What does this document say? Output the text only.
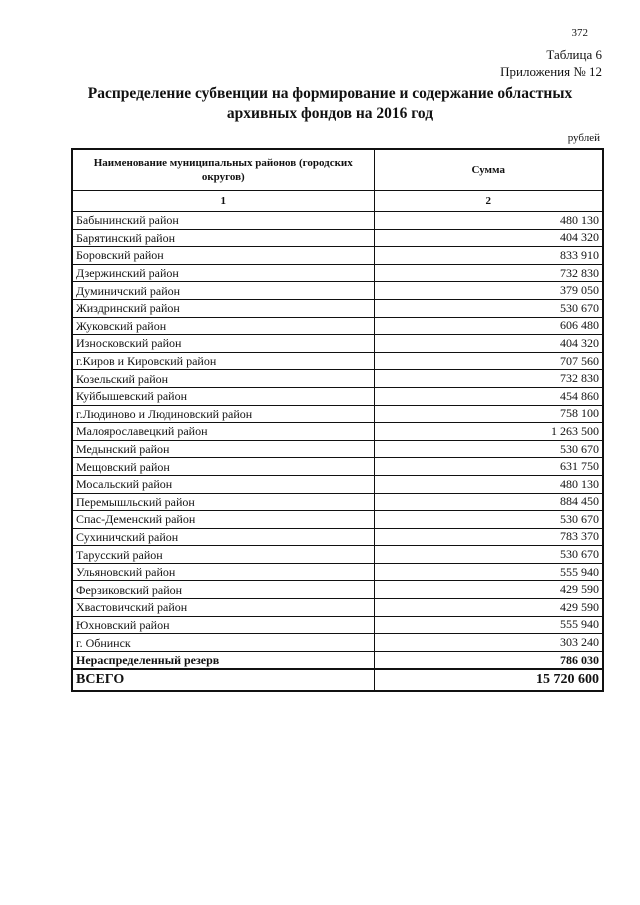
372
Таблица 6
Приложения № 12
Распределение субвенции на формирование и содержание областных
архивных фондов на 2016 год
рублей
Наименование муниципальных районов (городских округов)	Сумма
1	2
Бабынинский район	480 130
Барятинский район	404 320
Боровский район	833 910
Дзержинский район	732 830
Думиничский район	379 050
Жиздринский район	530 670
Жуковский район	606 480
Износковский район	404 320
г.Киров и Кировский район	707 560
Козельский район	732 830
Куйбышевский район	454 860
г.Людиново и Людиновский район	758 100
Малоярославецкий район	1 263 500
Медынский район	530 670
Мещовский район	631 750
Мосальский район	480 130
Перемышльский район	884 450
Спас-Деменский район	530 670
Сухиничский район	783 370
Тарусский район	530 670
Ульяновский район	555 940
Ферзиковский район	429 590
Хвастовичский район	429 590
Юхновский район	555 940
г. Обнинск	303 240
Нераспределенный резерв	786 030
ВСЕГО	15 720 600
